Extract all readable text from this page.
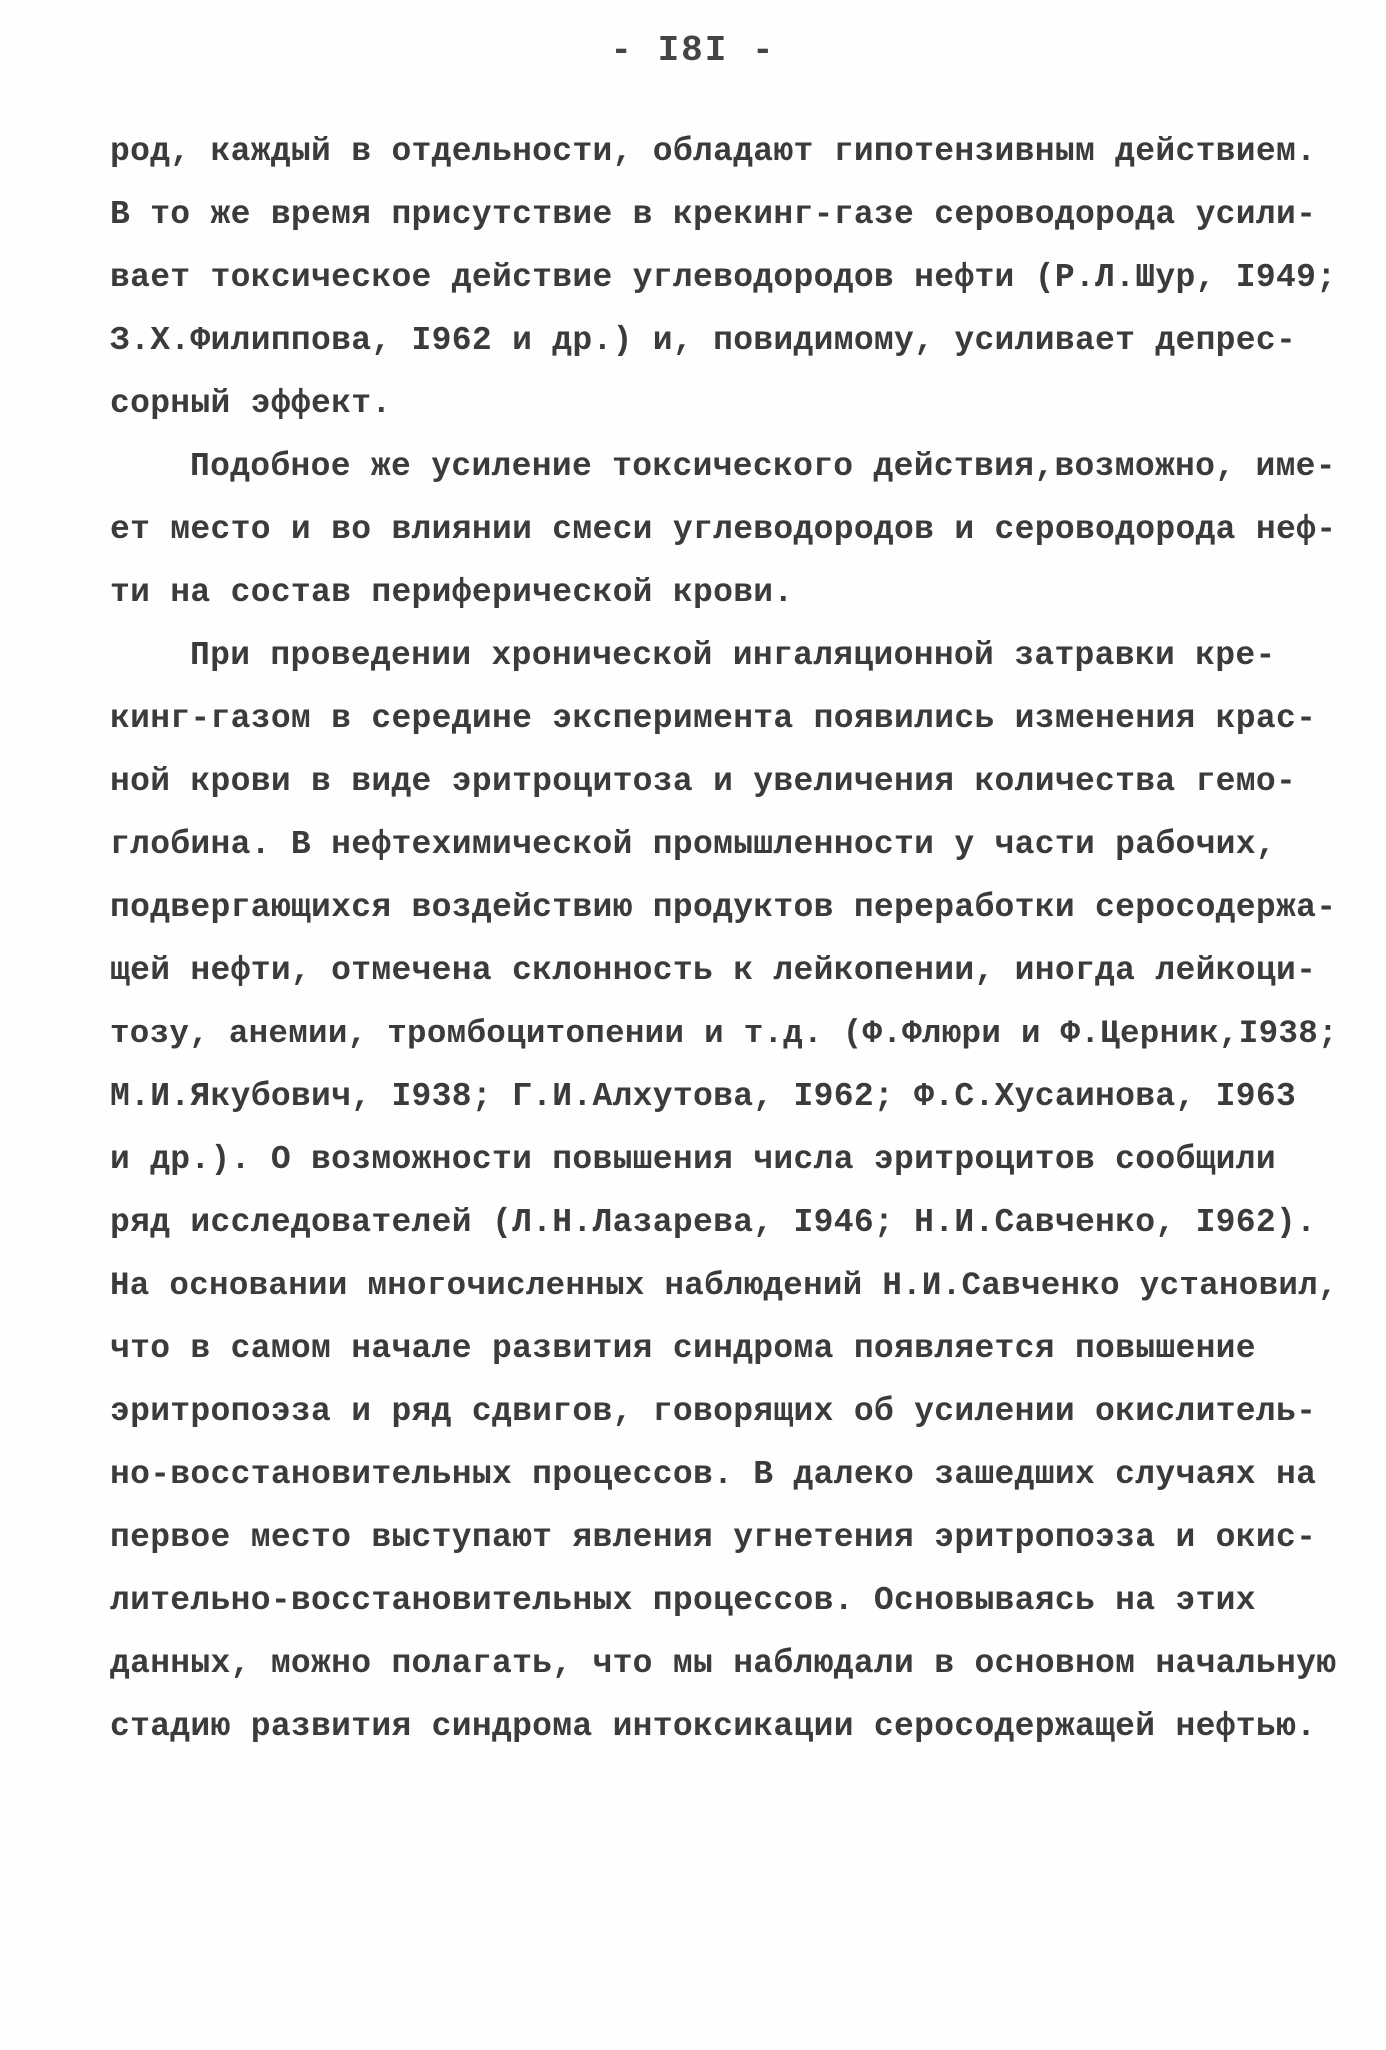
- I8I -
род, каждый в отдельности, обладают гипотензивным действием.
В то же время присутствие в крекинг-газе сероводорода усили-
вает токсическое действие углеводородов нефти (Р.Л.Шур, I949;
З.Х.Филиппова, I962 и др.) и, повидимому, усиливает депрес-
сорный эффект.
Подобное же усиление токсического действия,возможно, име-
ет место и во влиянии смеси углеводородов и сероводорода неф-
ти на состав периферической крови.
При проведении хронической ингаляционной затравки кре-
кинг-газом в середине эксперимента появились изменения крас-
ной крови в виде эритроцитоза и увеличения количества гемо-
глобина. В нефтехимической промышленности у части рабочих,
подвергающихся воздействию продуктов переработки серосодержа-
щей нефти, отмечена склонность к лейкопении, иногда лейкоци-
тозу, анемии, тромбоцитопении и т.д. (Ф.Флюри и Ф.Церник,I938;
М.И.Якубович, I938; Г.И.Алхутова, I962; Ф.С.Хусаинова, I963
и др.). О возможности повышения числа эритроцитов сообщили
ряд исследователей (Л.Н.Лазарева, I946; Н.И.Савченко, I962).
На основании многочисленных наблюдений Н.И.Савченко установил,
что в самом начале развития синдрома появляется повышение
эритропоэза и ряд сдвигов, говорящих об усилении окислитель-
но-восстановительных процессов. В далеко зашедших случаях на
первое место выступают явления угнетения эритропоэза и окис-
лительно-восстановительных процессов. Основываясь на этих
данных, можно полагать, что мы наблюдали в основном начальную
стадию развития синдрома интоксикации серосодержащей нефтью.
